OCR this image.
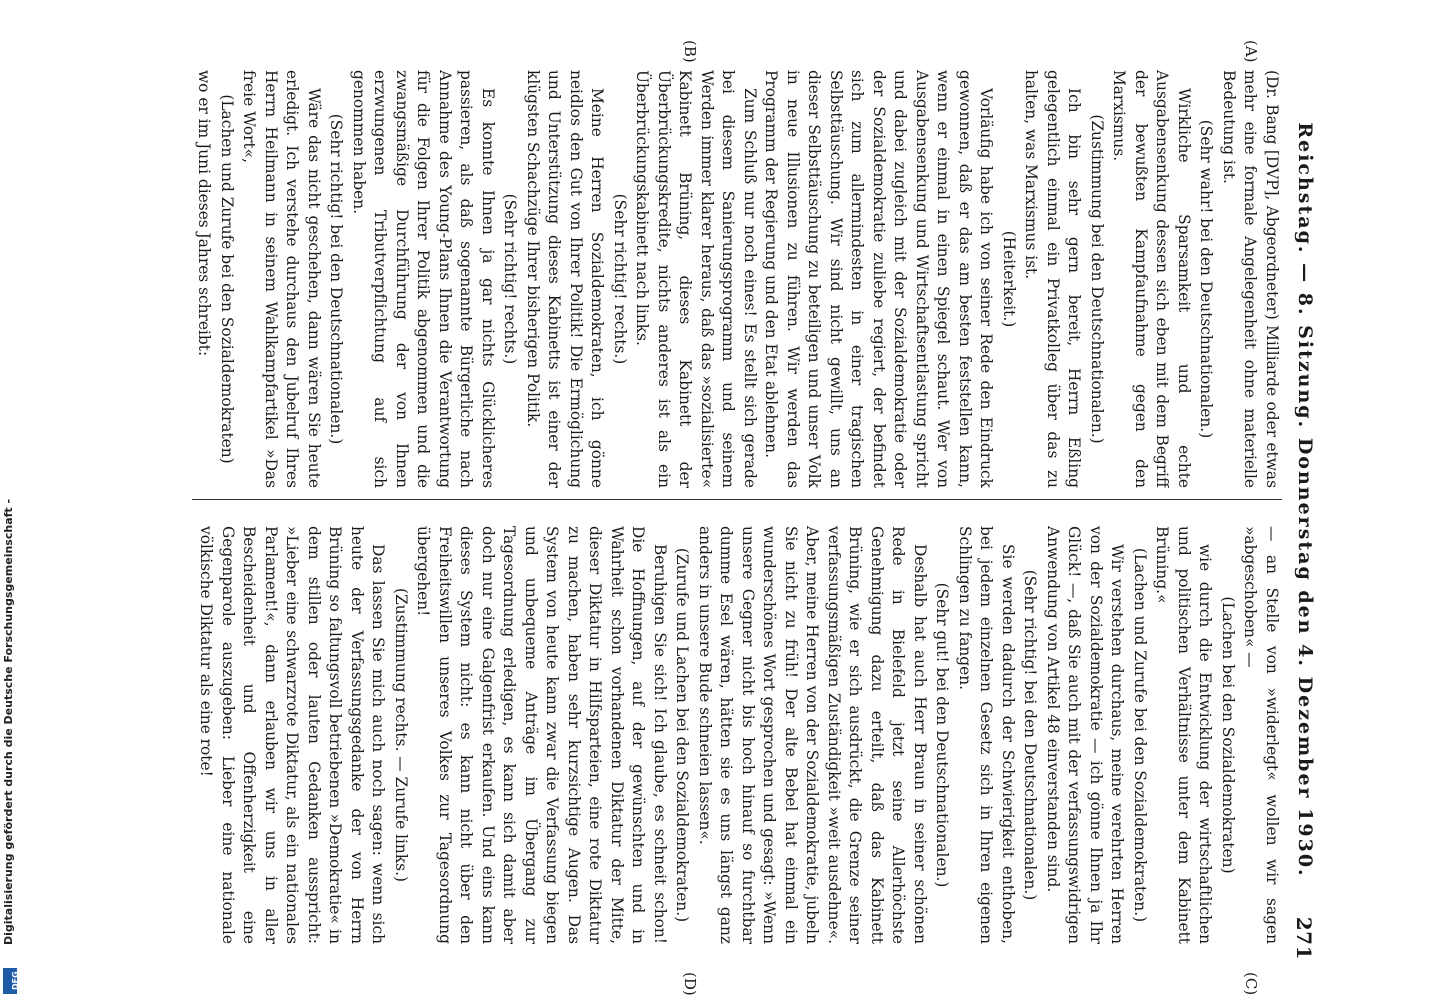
Reichstag. — 8. Sitzung. Donnerstag den 4. Dezember 1930.
271
(A)
(B)
(C)
(D)

(Dr. Bang [DVP], Abgeordneter) Milliarde oder etwas mehr eine formale Angelegenheit ohne materielle Bedeutung ist.

(Sehr wahr! bei den Deutschnationalen.)

Wirkliche Sparsamkeit und echte Ausgabensenkung dessen sich eben mit dem Begriff der bewußten Kampfaufnahme gegen den Marxismus.

(Zustimmung bei den Deutschnationalen.)

Ich bin sehr gern bereit, Herrn Eßling gelegentlich einmal ein Privatkolleg über das zu halten, was Marxismus ist.

(Heiterkeit.)

Vorläufig habe ich von seiner Rede den Eindruck gewonnen, daß er das am besten feststellen kann, wenn er einmal in einen Spiegel schaut. Wer von Ausgabensenkung und Wirtschaftsentlastung spricht und dabei zugleich mit der Sozialdemokratie oder der Sozialdemokratie zuliebe regiert, der befindet sich zum allermindesten in einer tragischen Selbsttäuschung. Wir sind nicht gewillt, uns an dieser Selbsttäuschung zu beteiligen und unser Volk in neue Illusionen zu führen. Wir werden das Programm der Regierung und den Etat ablehnen.

Zum Schluß nur noch eines! Es stellt sich gerade bei diesem Sanierungsprogramm und seinem Werden immer klarer heraus, daß das »sozialisierte« Kabinett Brüning, dieses Kabinett der Überbrückungskredite, nichts anderes ist als ein Überbrückungskabinett nach links.

(Sehr richtig! rechts.)

Meine Herren Sozialdemokraten, ich gönne neidlos den Gut von Ihrer Politik! Die Ermöglichung und Unterstützung dieses Kabinetts ist einer der klügsten Schachzüge Ihrer bisherigen Politik.

(Sehr richtig! rechts.)

Es konnte Ihnen ja gar nichts Glücklicheres passieren, als daß sogenannte Bürgerliche nach Annahme des Young-Plans Ihnen die Verantwortung für die Folgen Ihrer Politik abgenommen und die zwangsmäßige Durchführung der von Ihnen erzwungenen Tributverpflichtung auf sich genommen haben.

(Sehr richtig! bei den Deutschnationalen.)

Wäre das nicht geschehen, dann wären Sie heute erledigt. Ich verstehe durchaus den Jubelruf Ihres Herrn Heilmann in seinem Wahlkampfartikel »Das freie Wort«,

(Lachen und Zurufe bei den Sozialdemokraten)

wo er im Juni dieses Jahres schreibt:

— an Stelle von »widerlegt« wollen wir sagen »abgeschoben« —

(Lachen bei den Sozialdemokraten)

wie durch die Entwicklung der wirtschaftlichen und politischen Verhältnisse unter dem Kabinett Brüning.«

(Lachen und Zurufe bei den Sozialdemokraten.)

Wir verstehen durchaus, meine verehrten Herren von der Sozialdemokratie — ich gönne Ihnen ja Ihr Glück! —, daß Sie auch mit der verfassungswidrigen Anwendung von Artikel 48 einverstanden sind.

(Sehr richtig! bei den Deutschnationalen.)

Sie werden dadurch der Schwierigkeit enthoben, bei jedem einzelnen Gesetz sich in Ihren eigenen Schlingen zu fangen.

(Sehr gut! bei den Deutschnationalen.)

Deshalb hat auch Herr Braun in seiner schönen Rede in Bielefeld jetzt seine Allerhöchste Genehmigung dazu erteilt, daß das Kabinett Brüning, wie er sich ausdrückt, die Grenze seiner verfassungsmäßigen Zuständigkeit »weit ausdehne«. Aber, meine Herren von der Sozialdemokratie, jubeln Sie nicht zu früh! Der alte Bebel hat einmal ein wunderschönes Wort gesprochen und gesagt: »Wenn unsere Gegner nicht bis hoch hinauf so furchtbar dumme Esel wären, hätten sie es uns längst ganz anders in unsere Bude schneien lassen«.

(Zurufe und Lachen bei den Sozialdemokraten.)

Beruhigen Sie sich! Ich glaube, es schneit schon! Die Hoffnungen, auf der gewünschten und in Wahrheit schon vorhandenen Diktatur der Mitte, dieser Diktatur in Hilfsparteien, eine rote Diktatur zu machen, haben sehr kurzsichtige Augen. Das System von heute kann zwar die Verfassung biegen und unbequeme Anträge im Übergang zur Tagesordnung erledigen, es kann sich damit aber doch nur eine Galgenfrist erkaufen. Und eins kann dieses System nicht: es kann nicht über den Freiheitswillen unseres Volkes zur Tagesordnung übergehen!

(Zustimmung rechts. — Zurufe links.)

Das lassen Sie mich auch noch sagen: wenn sich heute der Verfassungsgedanke der von Herrn Brüning so faltungsvoll betriebenen »Demokratie« in dem stillen oder lauten Gedanken ausspricht: »Lieber eine schwarzrote Diktatur, als ein nationales Parlament!«, dann erlauben wir uns in aller Bescheidenheit und Offenherzigkeit eine Gegenparole auszugeben: Lieber eine nationale völkische Diktatur als eine rote!

Digitalisierung gefördert durch die Deutsche Forschungsgemeinschaft -
DFG
